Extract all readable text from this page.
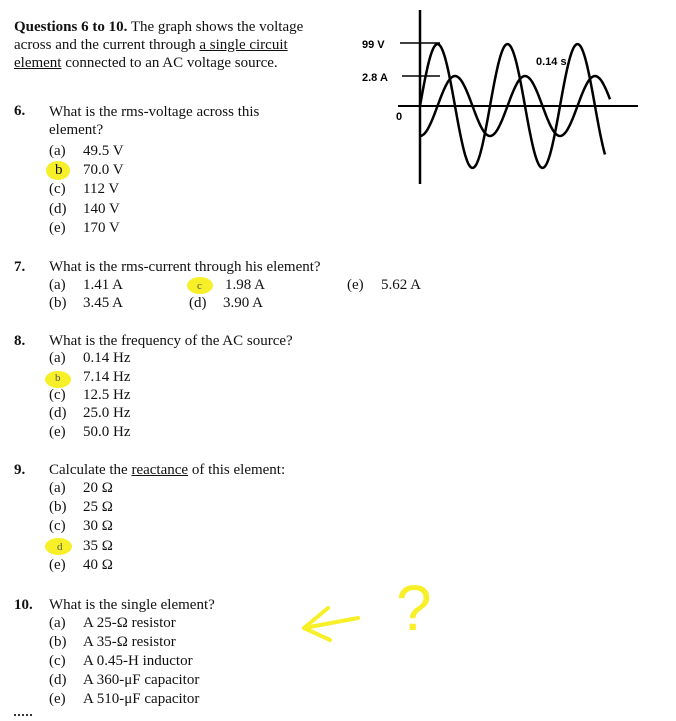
Questions 6 to 10. The graph shows the voltage across and the current through a single circuit element connected to an AC voltage source.
99 V
2.8 A
0
0.14 s
6. What is the rms-voltage across this element?
(a) 49.5 V
b 70.0 V
(c) 112 V
(d) 140 V
(e) 170 V
7. What is the rms-current through his element?
(a) 1.41 A
(b) 3.45 A
c 1.98 A
(d) 3.90 A
(e) 5.62 A
8. What is the frequency of the AC source?
(a) 0.14 Hz
b 7.14 Hz
(c) 12.5 Hz
(d) 25.0 Hz
(e) 50.0 Hz
9. Calculate the reactance of this element:
(a) 20 Ω
(b) 25 Ω
(c) 30 Ω
d 35 Ω
(e) 40 Ω
10. What is the single element?
(a) A 25-Ω resistor
(b) A 35-Ω resistor
(c) A 0.45-H inductor
(d) A 360-μF capacitor
(e) A 510-μF capacitor
?
